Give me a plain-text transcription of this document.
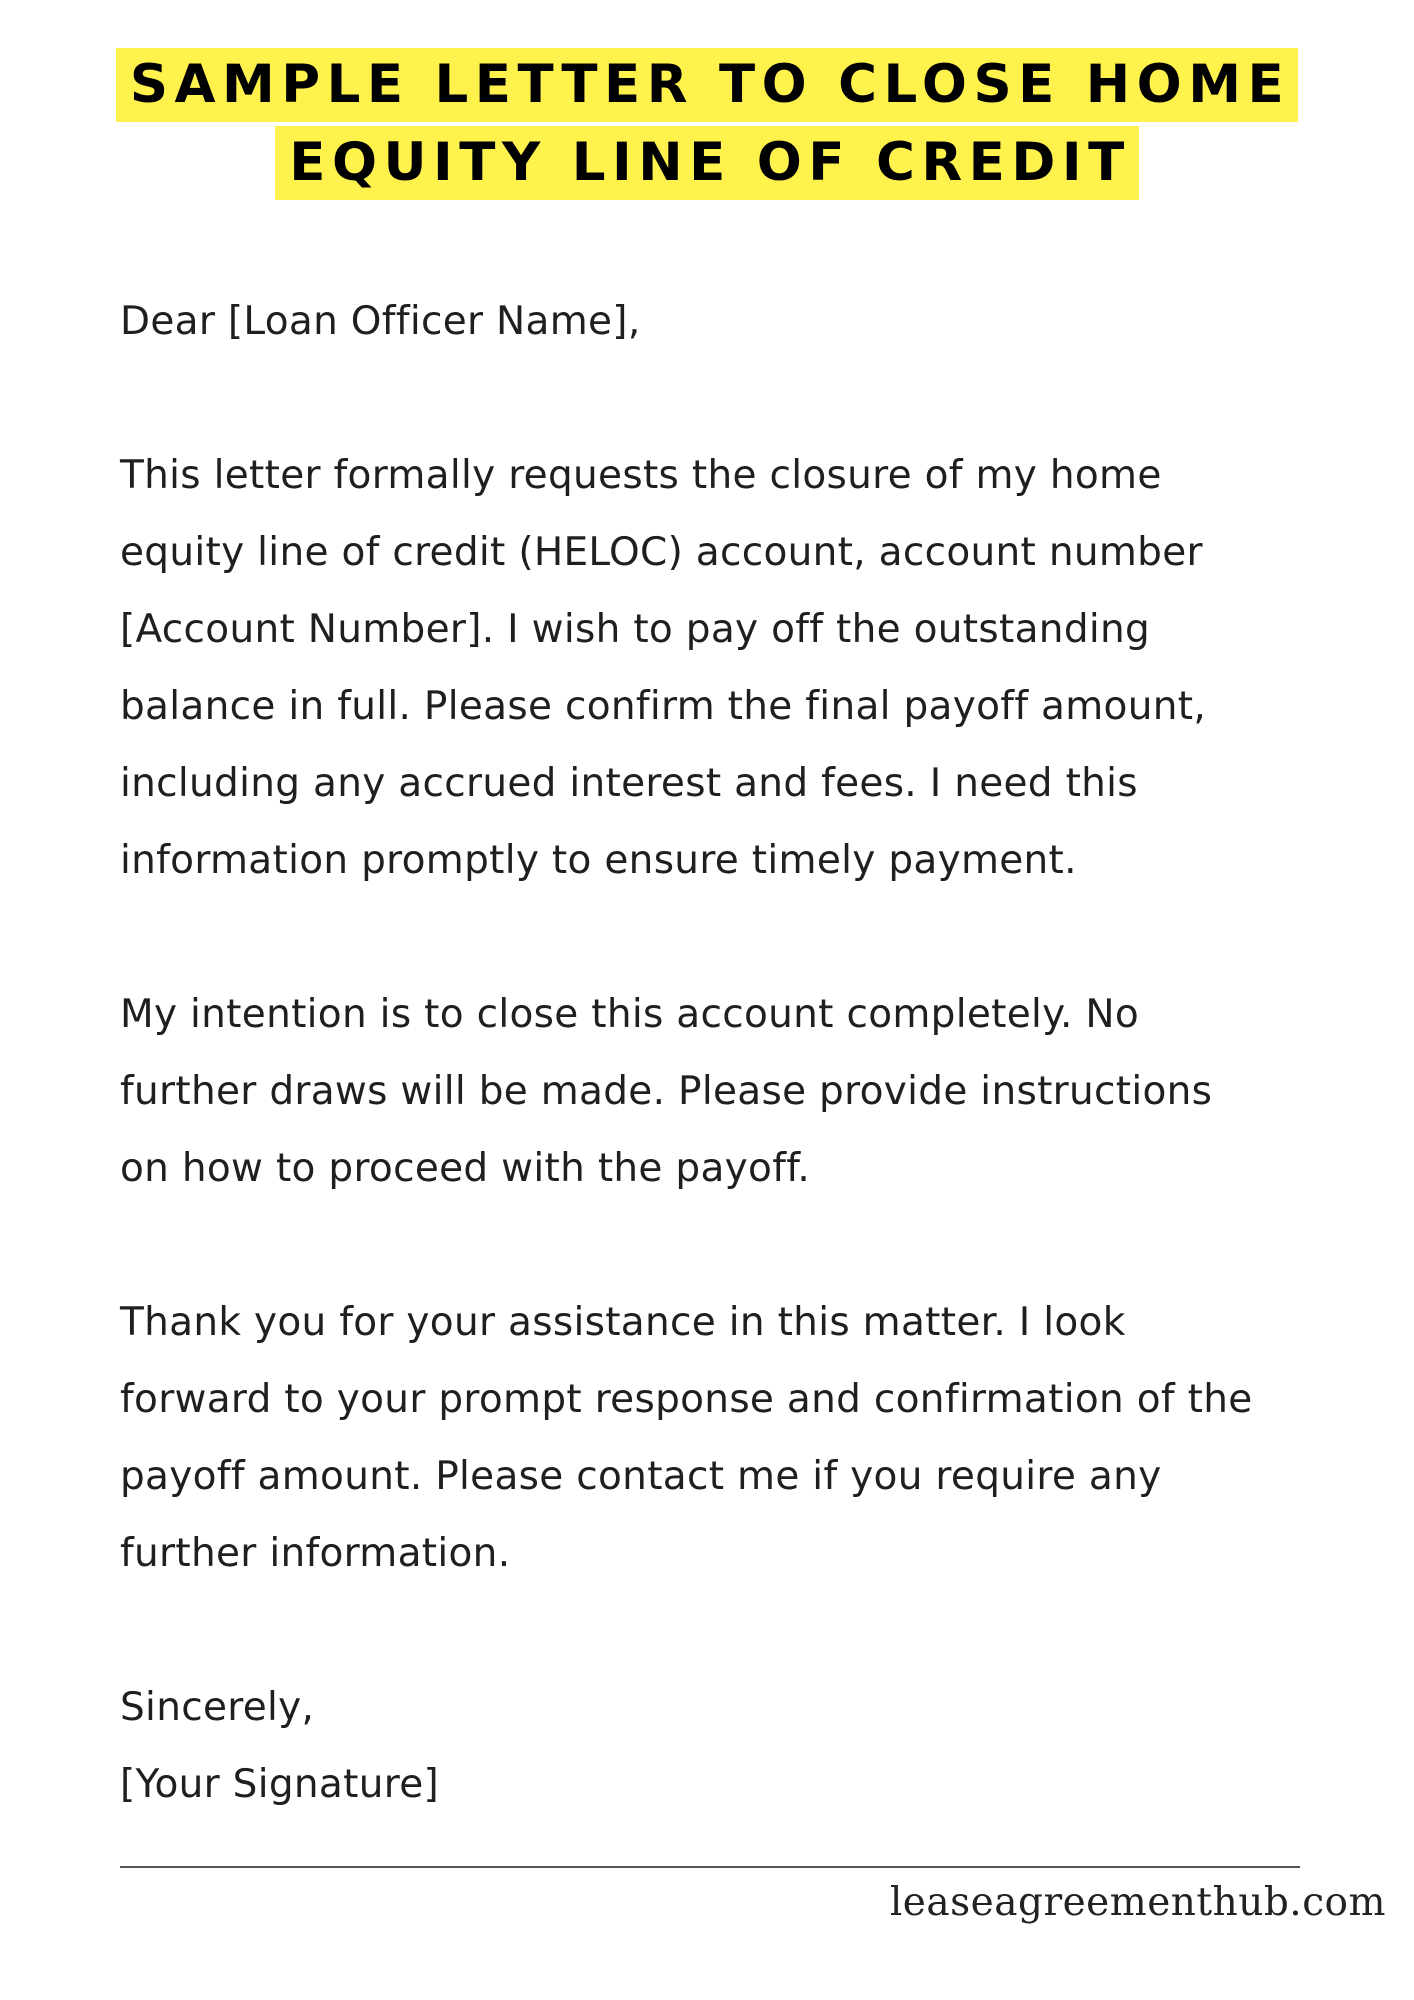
SAMPLE LETTER TO CLOSE HOME
EQUITY LINE OF CREDIT

Dear [Loan Officer Name],

This letter formally requests the closure of my home
equity line of credit (HELOC) account, account number
[Account Number]. I wish to pay off the outstanding
balance in full. Please confirm the final payoff amount,
including any accrued interest and fees. I need this
information promptly to ensure timely payment.

My intention is to close this account completely. No
further draws will be made. Please provide instructions
on how to proceed with the payoff.

Thank you for your assistance in this matter. I look
forward to your prompt response and confirmation of the
payoff amount. Please contact me if you require any
further information.

Sincerely,
[Your Signature]
leaseagreementhub.com
